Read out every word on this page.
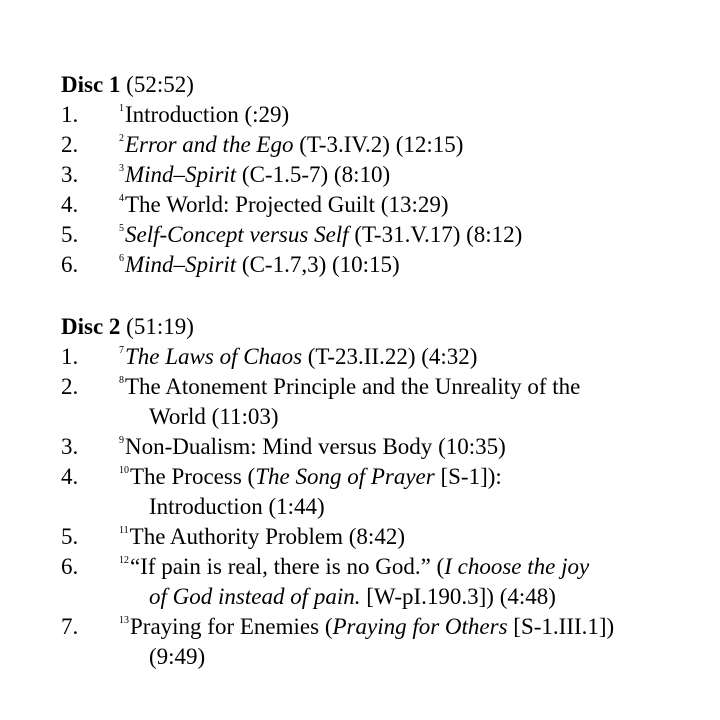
Disc 1 (52:52)
1.	$^1$Introduction (:29)
2.	$^2$Error and the Ego (T-3.IV.2) (12:15)
3.	$^3$Mind–Spirit (C-1.5-7) (8:10)
4.	$^4$The World: Projected Guilt (13:29)
5.	$^5$Self-Concept versus Self (T-31.V.17) (8:12)
6.	$^6$Mind–Spirit (C-1.7,3) (10:15)
Disc 2 (51:19)
1.	$^7$The Laws of Chaos (T-23.II.22) (4:32)
2.	$^8$The Atonement Principle and the Unreality of the
World (11:03)
3.	$^9$Non-Dualism: Mind versus Body (10:35)
4.	$^{10}$The Process (The Song of Prayer [S-1]):
Introduction (1:44)
5.	$^{11}$The Authority Problem (8:42)
6.	$^{12}$“If pain is real, there is no God.” (I choose the joy
of God instead of pain. [W-pI.190.3]) (4:48)
7.	$^{13}$Praying for Enemies (Praying for Others [S-1.III.1])
(9:49)
